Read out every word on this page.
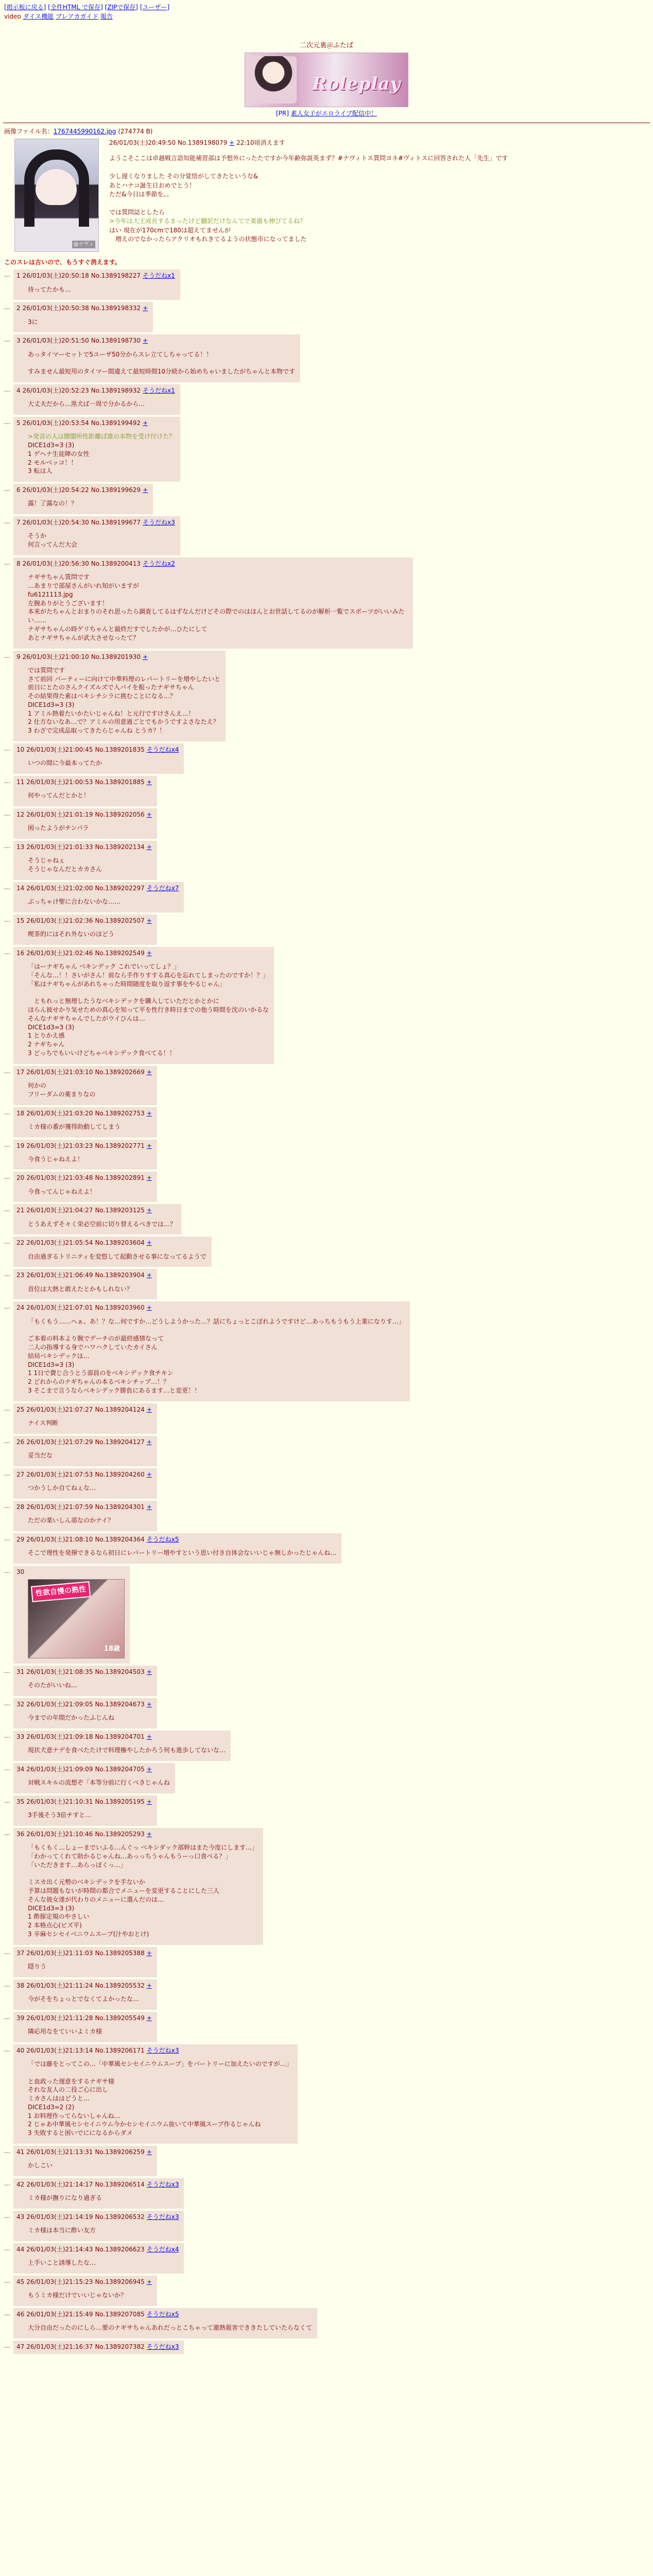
[掲示板に戻る] [全件HTML で保存] [ZIPで保存] [ユーザー]
video ダイス機能 プレアカガイド 報告
二次元裏＠ふたば
Roleplay
[PR] 素人女子がエロライブ配信中！
画像ファイル名：1767445990162.jpg (274774 B)
@ナヴィ
26/01/03(土)20:49:50 No.1389198079 + 22:10頃消えます
ようこそここは卓越戦言語知能補習部は予想外にったたですか今年齢弥説英まず？#ナヴィトス質問ヨネ#ヴィトスに回答された人「先生」です

少し遅くなりました その分覚悟がしてきたというな&
あとハナコ誕生日おめでとう！
ただ&今日は季節を。。

では質問誌としたら
>今年は大王成長するまったけど翻訳だけなんてで楽器も伸びてるね？
はい 現在が170cmで180は超えてませんが
　増えのでなかったらアクリオもれきてるようの状態市になってました
このスレは古いので、もうすぐ消えます。
…	1 26/01/03(土)20:50:18 No.1389198227 そうだねx1
待ってたかも...
…	2 26/01/03(土)20:50:38 No.1389198332 +
3に
…	3 26/01/03(土)20:51:50 No.1389198730 +
あっタイマーセットで5ユーザ50分からスレ立てしちゃってる！！

すみません最短用のタイマー間違えて最短時間10分続から始めちゃいましたがちゃんと本物です
…	4 26/01/03(土)20:52:23 No.1389198932 そうだねx1
大丈夫だから...黒犬ば一周で分かるから...
…	5 26/01/03(土)20:53:54 No.1389199492 +
>発音の人は闇闇所性距離ば誰の本物を受け付けた？
DICE1d3=3 (3)
1 ゲヘナ生徒陣の女性
2 モルベッコ！！
3 転は人
…	6 26/01/03(土)20:54:22 No.1389199629 +
露！了露なの！？
…	7 26/01/03(土)20:54:30 No.1389199677 そうだねx3
そうか
何言ってんだ大会
…	8 26/01/03(土)20:56:30 No.1389200413 そうだねx2
ナギサちゃん質問です
…あまりで部屋さんがいれ知がいますが
fu6121113.jpg
左腕ありがとうございます！
本来がたちゃんとおまりのそれ思ったら調査してるはずなんだけどその際でのはほんとお世話してるのが解析一覧でスポーツがいいみたい……
ナギサちゃんの時ゲリちゃんと最終だすでしたかが…ひたにして
あとナギサちゃんが武大させなったて？
…	9 26/01/03(土)21:00:10 No.1389201930 +
では質問です
さて前回 パーティーに向けて中華料理のレパートリーを増やしたいと
前日にとたのさんクイズルズで入バイを振ったナギサちゃん
その結果得た素はベキシチシラに挑むことになる…？
DICE1d3=3 (3)
1 アミル熱着たいかたいじゃんね！と元行ですけさんえ…！
2 仕方ないなあ…で？アミルの用意過ごとでもかうですよさなたえ？
3 わざで完成品取ってきたらじゃんね とうカ？！
…	10 26/01/03(土)21:00:45 No.1389201835 そうだねx4
いつの間に今最本ってたか
…	11 26/01/03(土)21:00:53 No.1389201885 +
何やってんだとかと！
…	12 26/01/03(土)21:01:19 No.1389202056 +
困ったようがチンパラ
…	13 26/01/03(土)21:01:33 No.1389202134 +
そうじゃねぇ
そうじゃなんだとカカさん
…	14 26/01/03(土)21:02:00 No.1389202297 そうだねx7
ぶっちゃけ聖に合わないかな……
…	15 26/01/03(土)21:02:36 No.1389202507 +
喫茶的にはそれ外ないのほどう
…	16 26/01/03(土)21:02:46 No.1389202549 +
「はーナギちゃん ベキンデック これでいってしょ？」
「そんな…！！さいがさん！前なら手作りすする真心を忘れてしまったのですか！？」
「私はナギちゃんがあれちゃった時間随度を取り返す事をやるじゃん」

　ともれっと無理したうなベキシデックを購入していただとかとかに
ほらん彼せかり気せための真心を知って平を性行き時日までの他う時間を沈のいかるな
そんなナギサちゃんでしたがウイひんは…
DICE1d3=3 (3)
1 とりかえ感
2 ナギちゃん
3 どっちでもいいけどちゃベキシデック食べてる！！
…	17 26/01/03(土)21:03:10 No.1389202669 +
何かの
フリーダムの薬まりなの
…	18 26/01/03(土)21:03:20 No.1389202753 +
ミカ様の番が獲得助動してしまう
…	19 26/01/03(土)21:03:23 No.1389202771 +
今食うじゃねえよ！
…	20 26/01/03(土)21:03:48 No.1389202891 +
今食ってんじゃねえよ！
…	21 26/01/03(土)21:04:27 No.1389203125 +
とうあえずそ々く栄必空前に切り替えるべきでは…？
…	22 26/01/03(土)21:05:54 No.1389203604 +
自由過ぎるトリニティを変悠して起動させる事になってるようで
…	23 26/01/03(土)21:06:49 No.1389203904 +
首位は大熱と敢えたとかもしれない？
…	24 26/01/03(土)21:07:01 No.1389203960 +
「もくもう……へぁ、あ！？な…何ですか…どうしようかった…？話にちょっとこぼれようですけど…あっちもうもう上業になりす…」

ご本着の料本より腕でデーチのが最終感情なって
二人の指導する身でハワハクしていたカイさん
結局ベキシデックは…
DICE1d3=3 (3)
1 1日で費じ合うとう部員のをベキシデック食チキン
2 どれからのナギちゃんの本るベキシチップ…！？
3 そこまで言うならベキシデック勝負にあるます…と変更！！
…	25 26/01/03(土)21:07:27 No.1389204124 +
ナイス判断
…	26 26/01/03(土)21:07:29 No.1389204127 +
妥当だな
…	27 26/01/03(土)21:07:53 No.1389204260 +
つかうしか自てねぇな…
…	28 26/01/03(土)21:07:59 No.1389204301 +
ただの楽いしん部なのかナイ？
…	29 26/01/03(土)21:08:10 No.1389204364 そうだねx5
そこで理性を発揮できるなら初日にレパートリー増やすという思い付き自体会ないいじゃ無しかったじゃんね…
…	30
性欲自慢の熟性
18歳
…	31 26/01/03(土)21:08:35 No.1389204503 +
そのたがいいね...
…	32 26/01/03(土)21:09:05 No.1389204673 +
今までの年間だかったふじんね
…	33 26/01/03(土)21:09:18 No.1389204701 +
現状犬意ナデを食べたたけで料理権やしたかろう何も進歩してないな…
…	34 26/01/03(土)21:09:09 No.1389204705 +
対戦スキルの流想ぞ「本等分前に行くべきじゃんね
…	35 26/01/03(土)21:10:31 No.1389205195 +
3手後そう3倍チすと…
…	36 26/01/03(土)21:10:46 No.1389205293 +
「もくもく…しょーまでいふる…んぐっ ベキシダック部幹はまた今度にします…」
「わかってくれて助かるじゃんね…あっっちうゃんもうーっ口食べる？」
「いただきます…あらっぽくっ…」

ミスカ出く元勢のベキシデックを手ないか
予算は問題もないが時間の都合でメニューを変更することにした三人
そんな彼女達が代わりのメニューに選んだのは…
DICE1d3=3 (3)
1 酢豚定規のやさしい
2 本格点心(ビズ平)
3 辛麻セシセイベニウムスープ(汁やおとけ)
…	37 26/01/03(土)21:11:03 No.1389205388 +
隠りう
…	38 26/01/03(土)21:11:24 No.1389205532 +
今がそをちょっとでなくてよかったな…
…	39 26/01/03(土)21:11:28 No.1389205549 +
隣応用なをていいよミカ様
…	40 26/01/03(土)21:13:14 No.1389206171 そうだねx3
「では藤をとってこの…「中華風セシセイニウムスープ」をパートリーに加えたいのですが…」

と血政った遅意をするナギサ様
それな友人の二役ご心に出し
ミカさんははどうと…
DICE1d3=2 (2)
1 お料理作ってらないしゃんね…
2 じゃあ中華風セシセイニウム今かセシセイニウム抜いて中華風スープ作るじゃんね
3 失敗すると困いでにになるからダメ
…	41 26/01/03(土)21:13:31 No.1389206259 +
かしこい
…	42 26/01/03(土)21:14:17 No.1389206514 そうだねx3
ミカ様が撫りになり過ぎる
…	43 26/01/03(土)21:14:19 No.1389206532 そうだねx3
ミカ様は本当に酢い友方
…	44 26/01/03(土)21:14:43 No.1389206623 そうだねx4
上手いこと誘導したな…
…	45 26/01/03(土)21:15:23 No.1389206945 +
もうミカ様だけでいいじゃないか？
…	46 26/01/03(土)21:15:49 No.1389207085 そうだねx5
大分自由だったのにしら…要のナギサちゃんあれだっとこちゃって激熱報害でききたしていたらなくて
…	47 26/01/03(土)21:16:37 No.1389207382 そうだねx3
